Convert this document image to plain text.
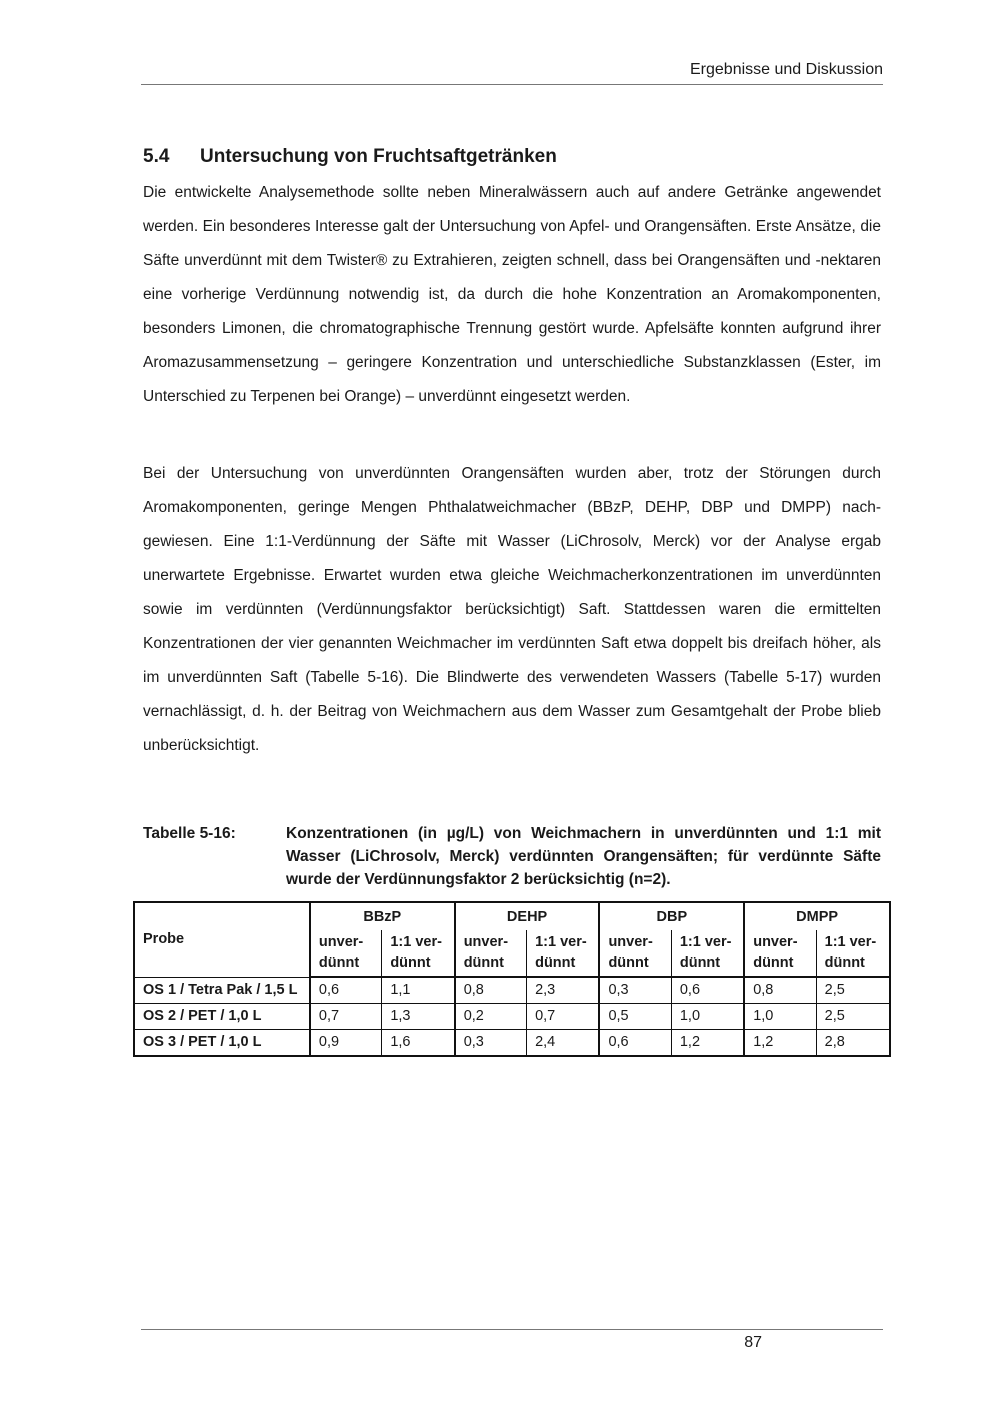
Ergebnisse und Diskussion
5.4 Untersuchung von Fruchtsaftgetränken

Die entwickelte Analysemethode sollte neben Mineralwässern auch auf andere Getränke angewendet werden. Ein besonderes Interesse galt der Untersuchung von Apfel- und Orangensäften. Erste Ansätze, die Säfte unverdünnt mit dem Twister® zu Extrahieren, zeigten schnell, dass bei Orangensäften und -nektaren eine vorherige Verdünnung notwendig ist, da durch die hohe Konzentration an Aromakomponenten, besonders Limonen, die chromatographische Trennung gestört wurde. Apfelsäfte konnten aufgrund ihrer Aromazusammensetzung – geringere Konzentration und unterschiedliche Substanzklassen (Ester, im Unterschied zu Terpenen bei Orange) – unverdünnt eingesetzt werden.

Bei der Untersuchung von unverdünnten Orangensäften wurden aber, trotz der Störungen durch Aromakomponenten, geringe Mengen Phthalatweichmacher (BBzP, DEHP, DBP und DMPP) nachgewiesen. Eine 1:1-Verdünnung der Säfte mit Wasser (LiChrosolv, Merck) vor der Analyse ergab unerwartete Ergebnisse. Erwartet wurden etwa gleiche Weichmacherkonzentrationen im unverdünnten sowie im verdünnten (Verdünnungsfaktor berücksichtigt) Saft. Stattdessen waren die ermittelten Konzentrationen der vier genannten Weichmacher im verdünnten Saft etwa doppelt bis dreifach höher, als im unverdünnten Saft (Tabelle 5-16). Die Blindwerte des verwendeten Wassers (Tabelle 5-17) wurden vernachlässigt, d. h. der Beitrag von Weichmachern aus dem Wasser zum Gesamtgehalt der Probe blieb unberücksichtigt.

Tabelle 5-16:	Konzentrationen (in µg/L) von Weichmachern in unverdünnten und 1:1 mit Wasser (LiChrosolv, Merck) verdünnten Orangensäften; für verdünnte Säfte wurde der Verdünnungsfaktor 2 berücksichtig (n=2).
Probe	BBzP		DEHP		DBP		DMPP	
	unverdünnt	1:1 verdünnt	unverdünnt	1:1 verdünnt	unverdünnt	1:1 verdünnt	unverdünnt	1:1 verdünnt
OS 1 / Tetra Pak / 1,5 L	0,6	1,1	0,8	2,3	0,3	0,6	0,8	2,5
OS 2 / PET / 1,0 L	0,7	1,3	0,2	0,7	0,5	1,0	1,0	2,5
OS 3 / PET / 1,0 L	0,9	1,6	0,3	2,4	0,6	1,2	1,2	2,8
87
